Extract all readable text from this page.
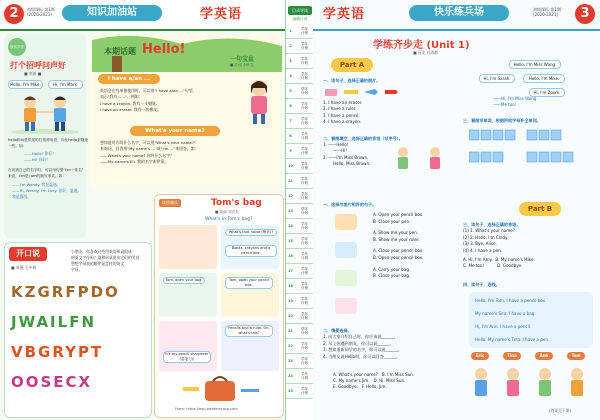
2	初级课标 第1期
(2020-2021)	知识加油站	学英语
快乐学堂
打个招呼问声好
■ 李娟 ■
Hello, I'm Mike.	Hi, I'm Mark.
hello和hi是常见的打招呼用语，向比hello更随意
一些。如：
——Hello! 你好！
——Hi! 你好！
在说到自己的名字时，可以用句型"I'm＋姓名"
来说，I'm是I am的缩写形式。如：
——I'm Wendy. 我是温迪。
——Hi, Wendy. I'm Lucy. 你好，温迪。
我是露西。
开口说
■ 周薇 王冬梅
小朋友，你喜欢这些用英语单词组成
的英文字母吗？请和同桌说出它们的发音，
想想字母表的顺序是怎样的英文
字母。
KZGRFPDO
JWAILFN
VBGRYPT
OOSECX
本期话题 Hello!
一句宝盆
■ 江西 李叶文
I have a/an ...
英语会在有单独使用时，可以用"I have a/an ..."句型。
表示"我有……"。例如：
I have a crayon. 我有一支蜡笔。
I have an eraser. 我有一块橡皮。
What's your name?
想知道对方叫什么名字，可以用"What's your name?"
来询问，回答用"My name's ..."或"I'm ..."来回答。如：
——What's your name? 你叫什么名字？
——My name's Eli. 我的名字叫伊莱。
读图趣谈	Tom's bag
■ 周丽 刘宏大
What's in Tom's bag?
What's that noise (噪音)?
Books, crayons and a pencil box.
Tom, open your bag.	Tom, open your pencil box.
Pencils and a ruler. Oh, what's this?
It's my pencil sharpener (卷笔刀)!
From: https://esp.wstdedu.org.com
目录导读
编辑计划
1	学年
计划
2	学年
计划
3	学年
计划
4	学年
计划
5	学年
计划
6	学年
计划
7	学年
计划
8	学年
计划
9	学年
计划
10	学年
计划
11	学年
计划
12	学年
计划
13	学年
计划
14	学年
计划
15	学年
计划
16	学年
计划
17	学年
计划
18	学年
计划
19	学年
计划
20	学年
计划
21	学年
计划
22	学年
计划
23	学年
计划
24	学年
计划
25	学年
计划
学英语	快乐练兵场	初级课标 第1期
(2020-2021)	3
学练齐步走 (Unit 1)
■ 河北 杜涛群
Part A	Hello, I'm Miss Wang.
Hi, I'm Sarah.	Hello, I'm Mike.
Hi, I'm Zoom.
——Hi, I'm Miss Wang.
——Me too!
一、读句子，选择正确的图片。
1. I have an eraser.
2. I have a ruler.
3. I have a pencil.
4. I have a crayon.
二、看图填空，选择正确的答语（写序号）。
1. ——Hello!
——Hi!
2. ——I'm Miss Brown.
Hello, Miss Brown.
三、看图写单词，根据所给字母补全单词。
Part B
一、选择与图片相符的句子。
A. Open your pencil box.
B. Close your pen.
A. Show me your pen.
B. Show me your ruler.
A. Close your pencil box.
B. Open your pencil box.
A. Carry your bag.
B. Close your bag.
二、情景选择。
1. 向大家介绍自己时，你应该说______。
2. 早上你遇到朋友，你可以说______。
3. 想知道新同学的名字，你可以说______。
4. 当朋友说Hello时，你可以回答______。
A. What's your name? B. I'm Miss Sun.
C. My name's Jim. D. Hi, Miss Sun.
E. Goodbye. F. Hello, Jim.
三、读句子，选择正确的答语。
(1) 1. What's your name?
(2) 2. Hello, I'm Cindy.
(3) 3. Bye, Alice.
(4) 4. I have a pen.
A. Hi, I'm Amy. B. My name's Mike.
C. Me too!	D. Goodbye.
四、读句子，连线。
Hello, I'm Tom. I have a pencil box.
My name's Sira. I have a bag.
Hi, I'm Ann. I have a pencil.
Hello. My name's Tina. I have a pen.
Eric	Tina	Ann	Tom
(答案见下期)
